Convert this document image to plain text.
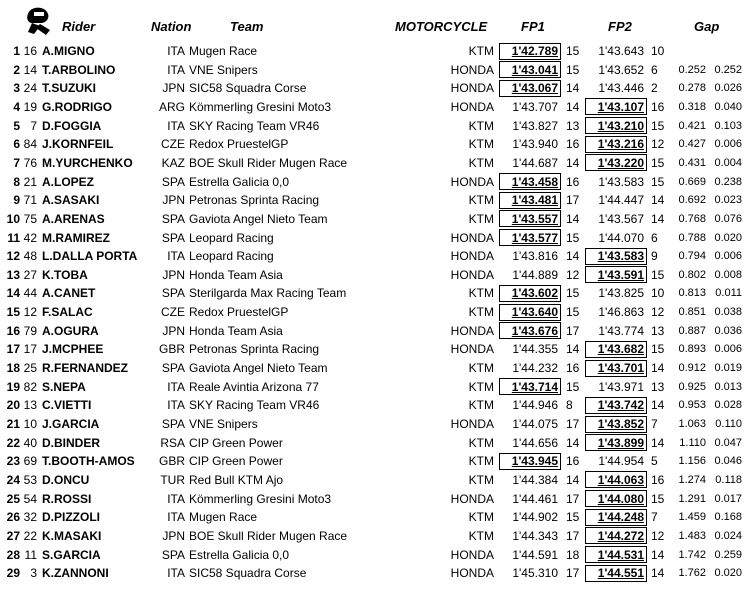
Rider	Nation	Team	MOTORCYCLE	FP1	FP2	Gap
1 16 A.MIGNO	ITA Mugen Race	KTM	1'42.789 15	1'43.643 10
2 14 T.ARBOLINO	ITA VNE Snipers	HONDA	1'43.041 15	1'43.652 6	0.252 0.252
3 24 T.SUZUKI	JPN SIC58 Squadra Corse	HONDA	1'43.067 14	1'43.446 2	0.278 0.026
4 19 G.RODRIGO	ARG Kömmerling Gresini Moto3	HONDA	1'43.707 14	1'43.107 16	0.318 0.040
5 7 D.FOGGIA	ITA SKY Racing Team VR46	KTM	1'43.827 13	1'43.210 15	0.421 0.103
6 84 J.KORNFEIL	CZE Redox PruestelGP	KTM	1'43.940 16	1'43.216 12	0.427 0.006
7 76 M.YURCHENKO KAZ BOE Skull Rider Mugen Race	KTM	1'44.687 14	1'43.220 15	0.431 0.004
8 21 A.LOPEZ	SPA Estrella Galicia 0,0	HONDA	1'43.458 16	1'43.583 15	0.669 0.238
9 71 A.SASAKI	JPN Petronas Sprinta Racing	KTM	1'43.481 17	1'44.447 14	0.692 0.023
10 75 A.ARENAS	SPA Gaviota Angel Nieto Team	KTM	1'43.557 14	1'43.567 14	0.768 0.076
11 42 M.RAMIREZ	SPA Leopard Racing	HONDA	1'43.577 15	1'44.070 6	0.788 0.020
12 48 L.DALLA PORTA	ITA Leopard Racing	HONDA	1'43.816 14	1'43.583 9	0.794 0.006
13 27 K.TOBA	JPN Honda Team Asia	HONDA	1'44.889 12	1'43.591 15	0.802 0.008
14 44 A.CANET	SPA Sterilgarda Max Racing Team	KTM	1'43.602 15	1'43.825 10	0.813 0.011
15 12 F.SALAC	CZE Redox PruestelGP	KTM	1'43.640 15	1'46.863 12	0.851 0.038
16 79 A.OGURA	JPN Honda Team Asia	HONDA	1'43.676 17	1'43.774 13	0.887 0.036
17 17 J.MCPHEE	GBR Petronas Sprinta Racing	HONDA	1'44.355 14	1'43.682 15	0.893 0.006
18 25 R.FERNANDEZ	SPA Gaviota Angel Nieto Team	KTM	1'44.232 16	1'43.701 14	0.912 0.019
19 82 S.NEPA	ITA Reale Avintia Arizona 77	KTM	1'43.714 15	1'43.971 13	0.925 0.013
20 13 C.VIETTI	ITA SKY Racing Team VR46	KTM	1'44.946 8	1'43.742 14	0.953 0.028
21 10 J.GARCIA	SPA VNE Snipers	HONDA	1'44.075 17	1'43.852 7	1.063 0.110
22 40 D.BINDER	RSA CIP Green Power	KTM	1'44.656 14	1'43.899 14	1.110 0.047
23 69 T.BOOTH-AMOS GBR CIP Green Power	KTM	1'43.945 16	1'44.954 5	1.156 0.046
24 53 D.ONCU	TUR Red Bull KTM Ajo	KTM	1'44.384 14	1'44.063 16	1.274 0.118
25 54 R.ROSSI	ITA Kömmerling Gresini Moto3	HONDA	1'44.461 17	1'44.080 15	1.291 0.017
26 32 D.PIZZOLI	ITA Mugen Race	KTM	1'44.902 15	1'44.248 7	1.459 0.168
27 22 K.MASAKI	JPN BOE Skull Rider Mugen Race	KTM	1'44.343 17	1'44.272 12	1.483 0.024
28 11 S.GARCIA	SPA Estrella Galicia 0,0	HONDA	1'44.591 18	1'44.531 14	1.742 0.259
29 3 K.ZANNONI	ITA SIC58 Squadra Corse	HONDA	1'45.310 17	1'44.551 14	1.762 0.020
